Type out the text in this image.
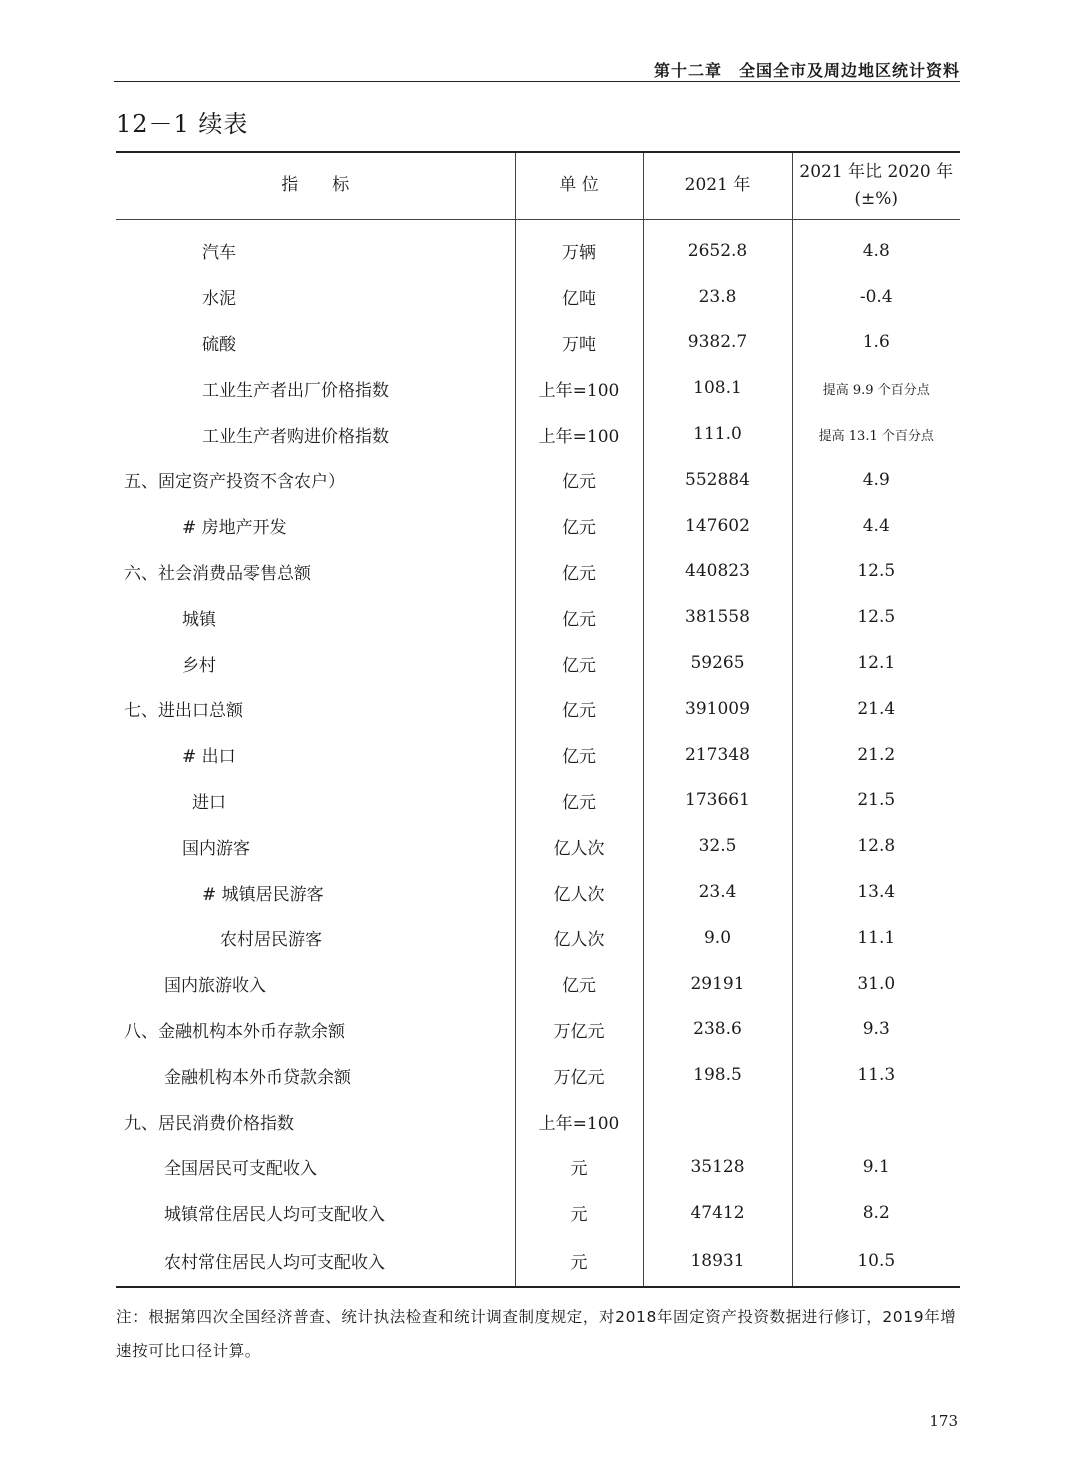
第十二章　全国全市及周边地区统计资料
12－1 续表
指　　标	单 位	2021 年	2021 年比 2020 年
(±%)

汽车	万辆	2652.8	4.8
水泥	亿吨	23.8	-0.4
硫酸	万吨	9382.7	1.6
工业生产者出厂价格指数	上年=100	108.1	提高 9.9 个百分点
工业生产者购进价格指数	上年=100	111.0	提高 13.1 个百分点
五、固定资产投资不含农户）	亿元	552884	4.9
# 房地产开发	亿元	147602	4.4
六、社会消费品零售总额	亿元	440823	12.5
城镇	亿元	381558	12.5
乡村	亿元	59265	12.1
七、进出口总额	亿元	391009	21.4
# 出口	亿元	217348	21.2
进口	亿元	173661	21.5
国内游客	亿人次	32.5	12.8
# 城镇居民游客	亿人次	23.4	13.4
农村居民游客	亿人次	9.0	11.1
国内旅游收入	亿元	29191	31.0
八、金融机构本外币存款余额	万亿元	238.6	9.3
金融机构本外币贷款余额	万亿元	198.5	11.3
九、居民消费价格指数	上年=100		
全国居民可支配收入	元	35128	9.1
城镇常住居民人均可支配收入	元	47412	8.2
农村常住居民人均可支配收入	元	18931	10.5
注：根据第四次全国经济普查、统计执法检查和统计调查制度规定，对2018年固定资产投资数据进行修订，2019年增速按可比口径计算。
173
